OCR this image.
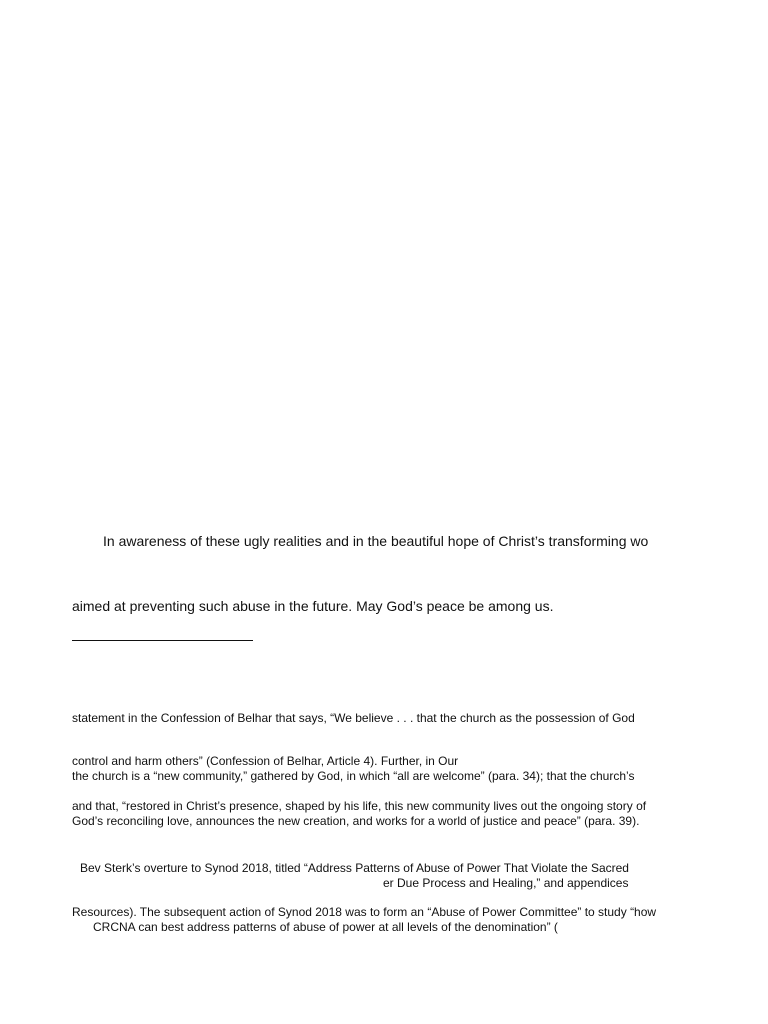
In awareness of these ugly realities and in the beautiful hope of Christ’s transforming wo

aimed at preventing such abuse in the future. May God’s peace be among us.

statement in the Confession of Belhar that says, “We believe . . . that the church as the possession of God

control and harm others” (Confession of Belhar, Article 4). Further, in Our

the church is a “new community,” gathered by God, in which “all are welcome” (para. 34); that the church’s

and that, “restored in Christ’s presence, shaped by his life, this new community lives out the ongoing story of

God’s reconciling love, announces the new creation, and works for a world of justice and peace” (para. 39).

Bev Sterk’s overture to Synod 2018, titled “Address Patterns of Abuse of Power That Violate the Sacred

er Due Process and Healing,” and appendices

Resources). The subsequent action of Synod 2018 was to form an “Abuse of Power Committee” to study “how

CRCNA can best address patterns of abuse of power at all levels of the denomination” (
